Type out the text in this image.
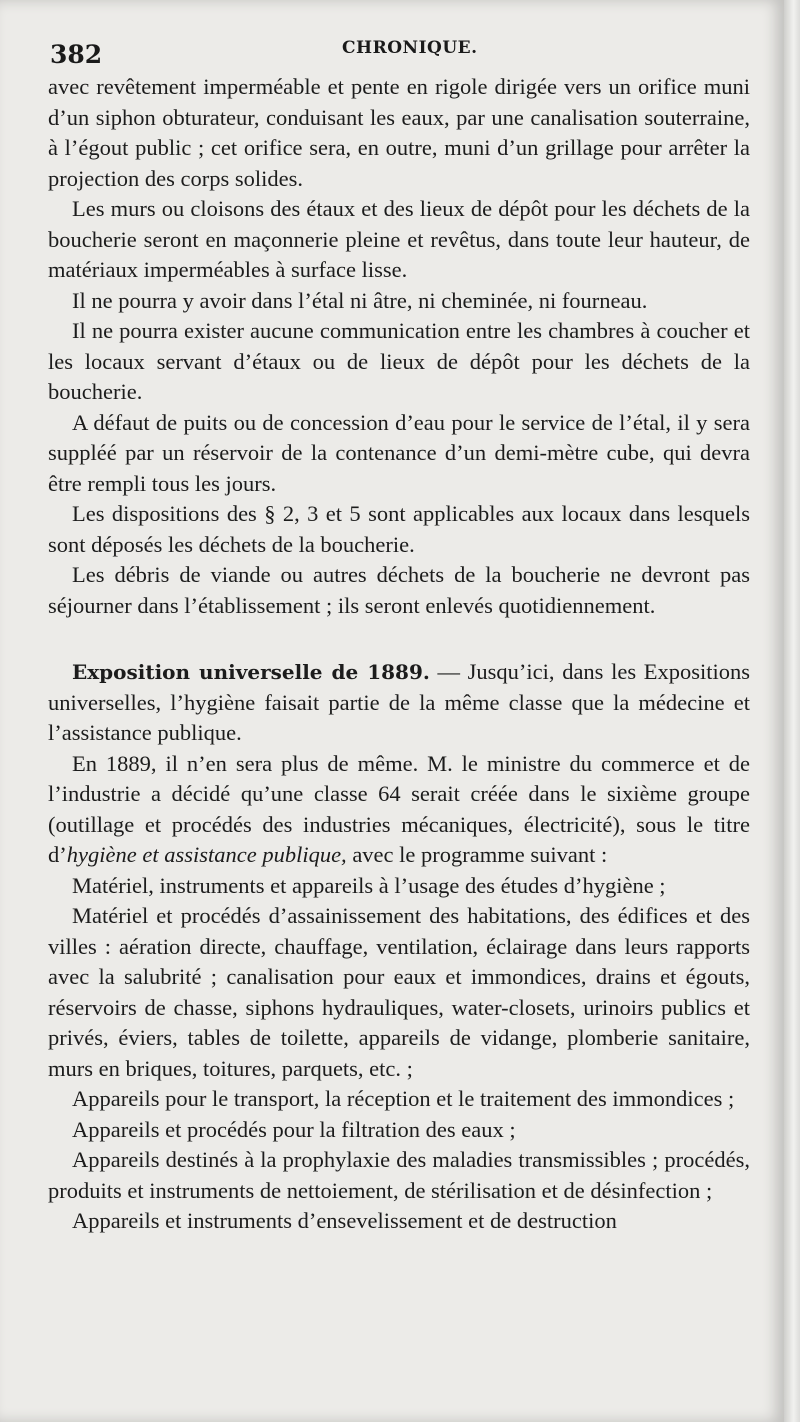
382	CHRONIQUE.

avec revêtement imperméable et pente en rigole dirigée vers un orifice muni d’un siphon obturateur, conduisant les eaux, par une canalisation souterraine, à l’égout public ; cet orifice sera, en outre, muni d’un grillage pour arrêter la projection des corps solides.

Les murs ou cloisons des étaux et des lieux de dépôt pour les déchets de la boucherie seront en maçonnerie pleine et revêtus, dans toute leur hauteur, de matériaux imperméables à surface lisse.

Il ne pourra y avoir dans l’étal ni âtre, ni cheminée, ni fourneau.

Il ne pourra exister aucune communication entre les chambres à coucher et les locaux servant d’étaux ou de lieux de dépôt pour les déchets de la boucherie.

A défaut de puits ou de concession d’eau pour le service de l’étal, il y sera suppléé par un réservoir de la contenance d’un demi-mètre cube, qui devra être rempli tous les jours.

Les dispositions des § 2, 3 et 5 sont applicables aux locaux dans lesquels sont déposés les déchets de la boucherie.

Les débris de viande ou autres déchets de la boucherie ne devront pas séjourner dans l’établissement ; ils seront enlevés quotidiennement.

Exposition universelle de 1889. — Jusqu’ici, dans les Expositions universelles, l’hygiène faisait partie de la même classe que la médecine et l’assistance publique.

En 1889, il n’en sera plus de même. M. le ministre du commerce et de l’industrie a décidé qu’une classe 64 serait créée dans le sixième groupe (outillage et procédés des industries mécaniques, électricité), sous le titre d’hygiène et assistance publique, avec le programme suivant :

Matériel, instruments et appareils à l’usage des études d’hygiène ;

Matériel et procédés d’assainissement des habitations, des édifices et des villes : aération directe, chauffage, ventilation, éclairage dans leurs rapports avec la salubrité ; canalisation pour eaux et immondices, drains et égouts, réservoirs de chasse, siphons hydrauliques, water-closets, urinoirs publics et privés, éviers, tables de toilette, appareils de vidange, plomberie sanitaire, murs en briques, toitures, parquets, etc. ;

Appareils pour le transport, la réception et le traitement des immondices ;

Appareils et procédés pour la filtration des eaux ;

Appareils destinés à la prophylaxie des maladies transmissibles ; procédés, produits et instruments de nettoiement, de stérilisation et de désinfection ;

Appareils et instruments d’ensevelissement et de destruction
